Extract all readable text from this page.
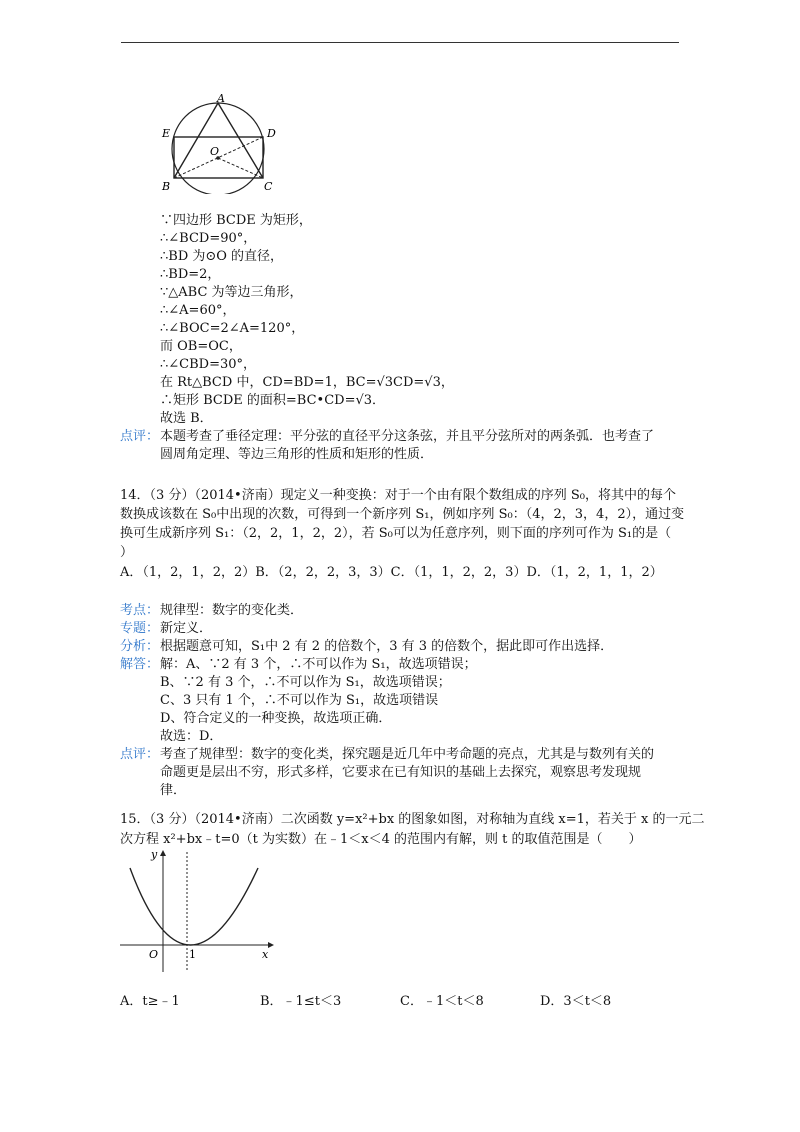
A
E	D
O
B	C
∵四边形 BCDE 为矩形，
∴∠BCD=90°，
∴BD 为⊙O 的直径，
∴BD=2，
∵△ABC 为等边三角形，
∴∠A=60°，
∴∠BOC=2∠A=120°，
而 OB=OC，
∴∠CBD=30°，
在 Rt△BCD 中，CD=BD=1，BC=√3CD=√3，
∴矩形 BCDE 的面积=BC•CD=√3．
故选 B．
点评： 本题考查了垂径定理：平分弦的直径平分这条弦，并且平分弦所对的两条弧．也考查了
圆周角定理、等边三角形的性质和矩形的性质．
14．（3 分）（2014•济南）现定义一种变换：对于一个由有限个数组成的序列 S₀，将其中的每个
数换成该数在 S₀中出现的次数，可得到一个新序列 S₁，例如序列 S₀：（4，2，3，4，2），通过变
换可生成新序列 S₁：（2，2，1，2，2），若 S₀可以为任意序列，则下面的序列可作为 S₁的是（
）
A．（1，2，1，2，2）B．（2，2，2，3，3）C．（1，1，2，2，3）D．（1，2，1，1，2）
考点： 规律型：数字的变化类．
专题： 新定义．
分析： 根据题意可知，S₁中 2 有 2 的倍数个，3 有 3 的倍数个，据此即可作出选择．
解答： 解：A、∵2 有 3 个，∴不可以作为 S₁，故选项错误；
B、∵2 有 3 个，∴不可以作为 S₁，故选项错误；
C、3 只有 1 个，∴不可以作为 S₁，故选项错误
D、符合定义的一种变换，故选项正确．
故选：D．
点评： 考查了规律型：数字的变化类，探究题是近几年中考命题的亮点，尤其是与数列有关的
命题更是层出不穷，形式多样，它要求在已有知识的基础上去探究，观察思考发现规
律．
15．（3 分）（2014•济南）二次函数 y=x²+bx 的图象如图，对称轴为直线 x=1，若关于 x 的一元二
次方程 x²+bx﹣t=0（t 为实数）在﹣1＜x＜4 的范围内有解，则 t 的取值范围是（　　）
y
x
O	1
A．t≥﹣1	B．﹣1≤t＜3	C．﹣1＜t＜8	D．3＜t＜8
